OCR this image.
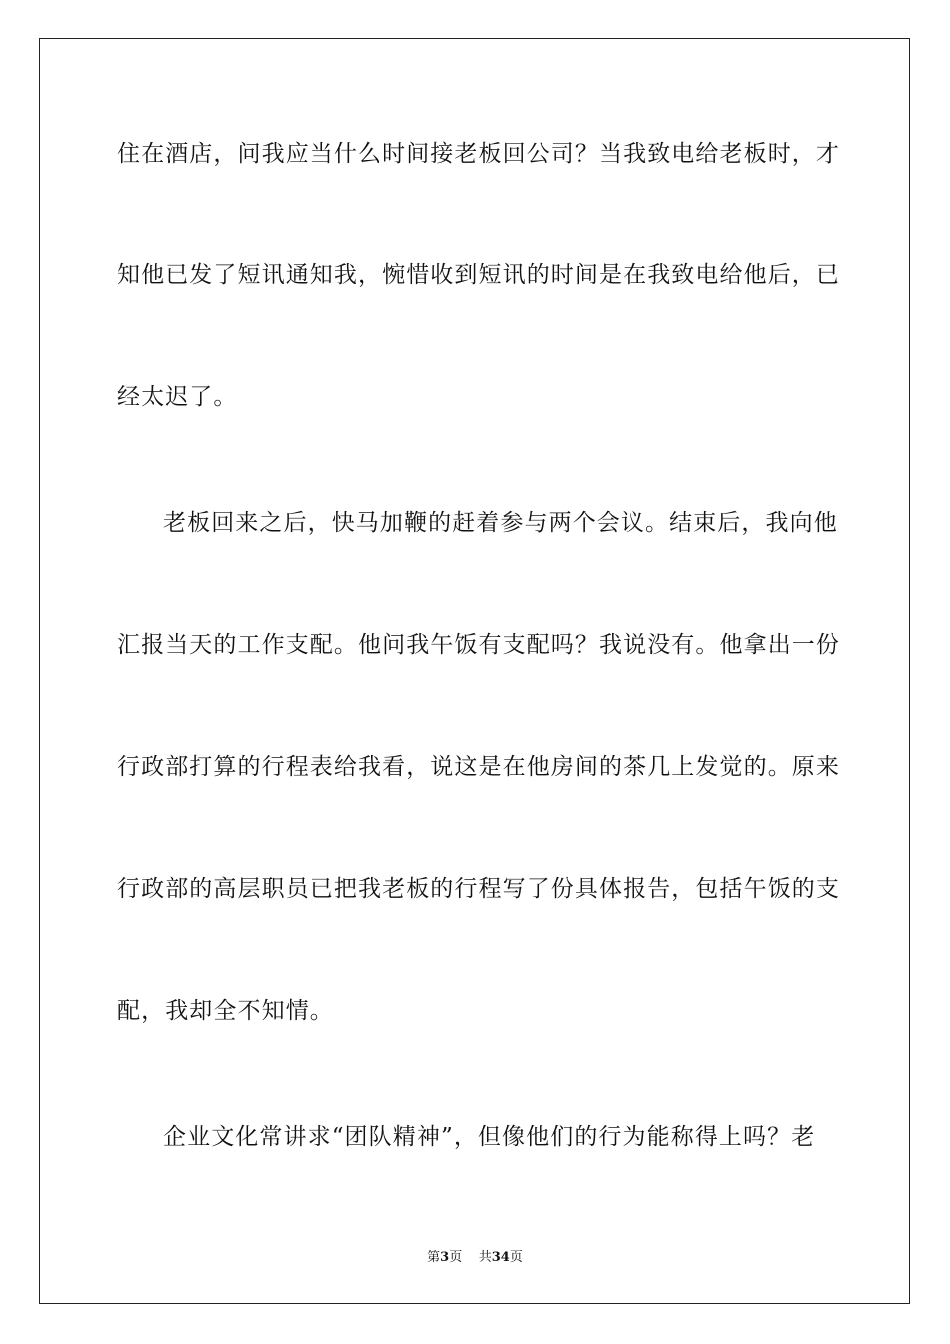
住在酒店，问我应当什么时间接老板回公司？当我致电给老板时，才
知他已发了短讯通知我，惋惜收到短讯的时间是在我致电给他后，已
经太迟了。
老板回来之后，快马加鞭的赶着参与两个会议。结束后，我向他
汇报当天的工作支配。他问我午饭有支配吗？我说没有。他拿出一份
行政部打算的行程表给我看，说这是在他房间的茶几上发觉的。原来
行政部的高层职员已把我老板的行程写了份具体报告，包括午饭的支
配，我却全不知情。
企业文化常讲求“团队精神”，但像他们的行为能称得上吗？老
第3页 共34页
